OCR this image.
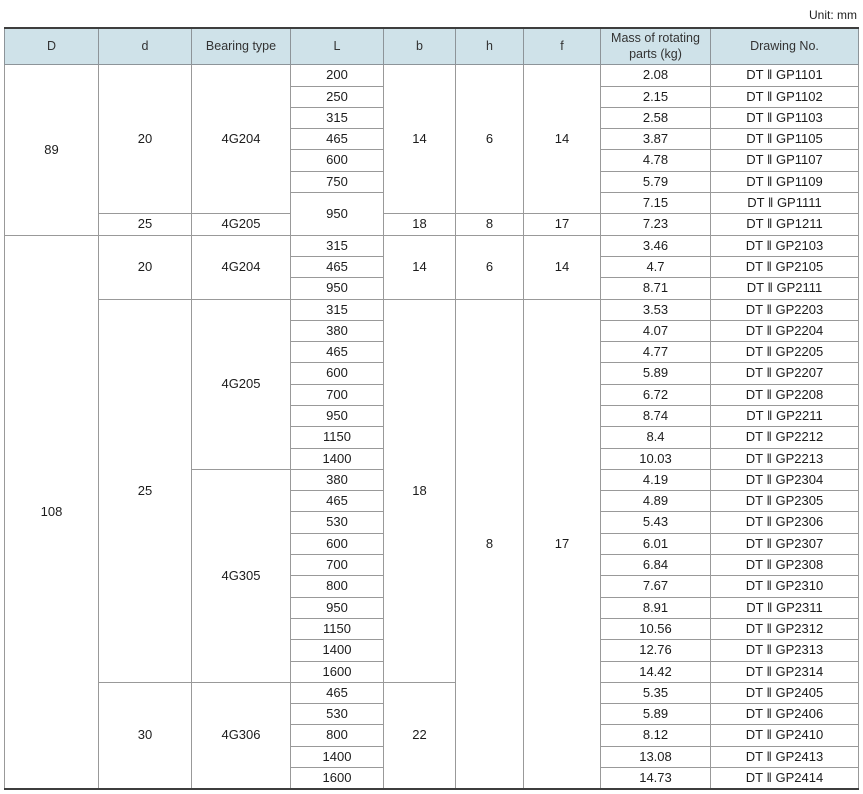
Unit: mm
D	d	Bearing type	L	b	h	f	Mass of rotating parts (kg)	Drawing No.
89	20	4G204	200	14	6	14	2.08	DT ‖ GP1101
			250				2.15	DT ‖ GP1102
			315				2.58	DT ‖ GP1103
			465				3.87	DT ‖ GP1105
			600				4.78	DT ‖ GP1107
			750				5.79	DT ‖ GP1109
			950				7.15	DT ‖ GP1111
	25	4G205		18	8	17	7.23	DT ‖ GP1211
108	20	4G204	315	14	6	14	3.46	DT ‖ GP2103
			465				4.7	DT ‖ GP2105
			950				8.71	DT ‖ GP2111
	25	4G205	315	18	8	17	3.53	DT ‖ GP2203
			380				4.07	DT ‖ GP2204
			465				4.77	DT ‖ GP2205
			600				5.89	DT ‖ GP2207
			700				6.72	DT ‖ GP2208
			950				8.74	DT ‖ GP2211
			1150				8.4	DT ‖ GP2212
			1400				10.03	DT ‖ GP2213
		4G305	380				4.19	DT ‖ GP2304
			465				4.89	DT ‖ GP2305
			530				5.43	DT ‖ GP2306
			600				6.01	DT ‖ GP2307
			700				6.84	DT ‖ GP2308
			800				7.67	DT ‖ GP2310
			950				8.91	DT ‖ GP2311
			1150				10.56	DT ‖ GP2312
			1400				12.76	DT ‖ GP2313
			1600				14.42	DT ‖ GP2314
	30	4G306	465	22			5.35	DT ‖ GP2405
			530				5.89	DT ‖ GP2406
			800				8.12	DT ‖ GP2410
			1400				13.08	DT ‖ GP2413
			1600				14.73	DT ‖ GP2414
